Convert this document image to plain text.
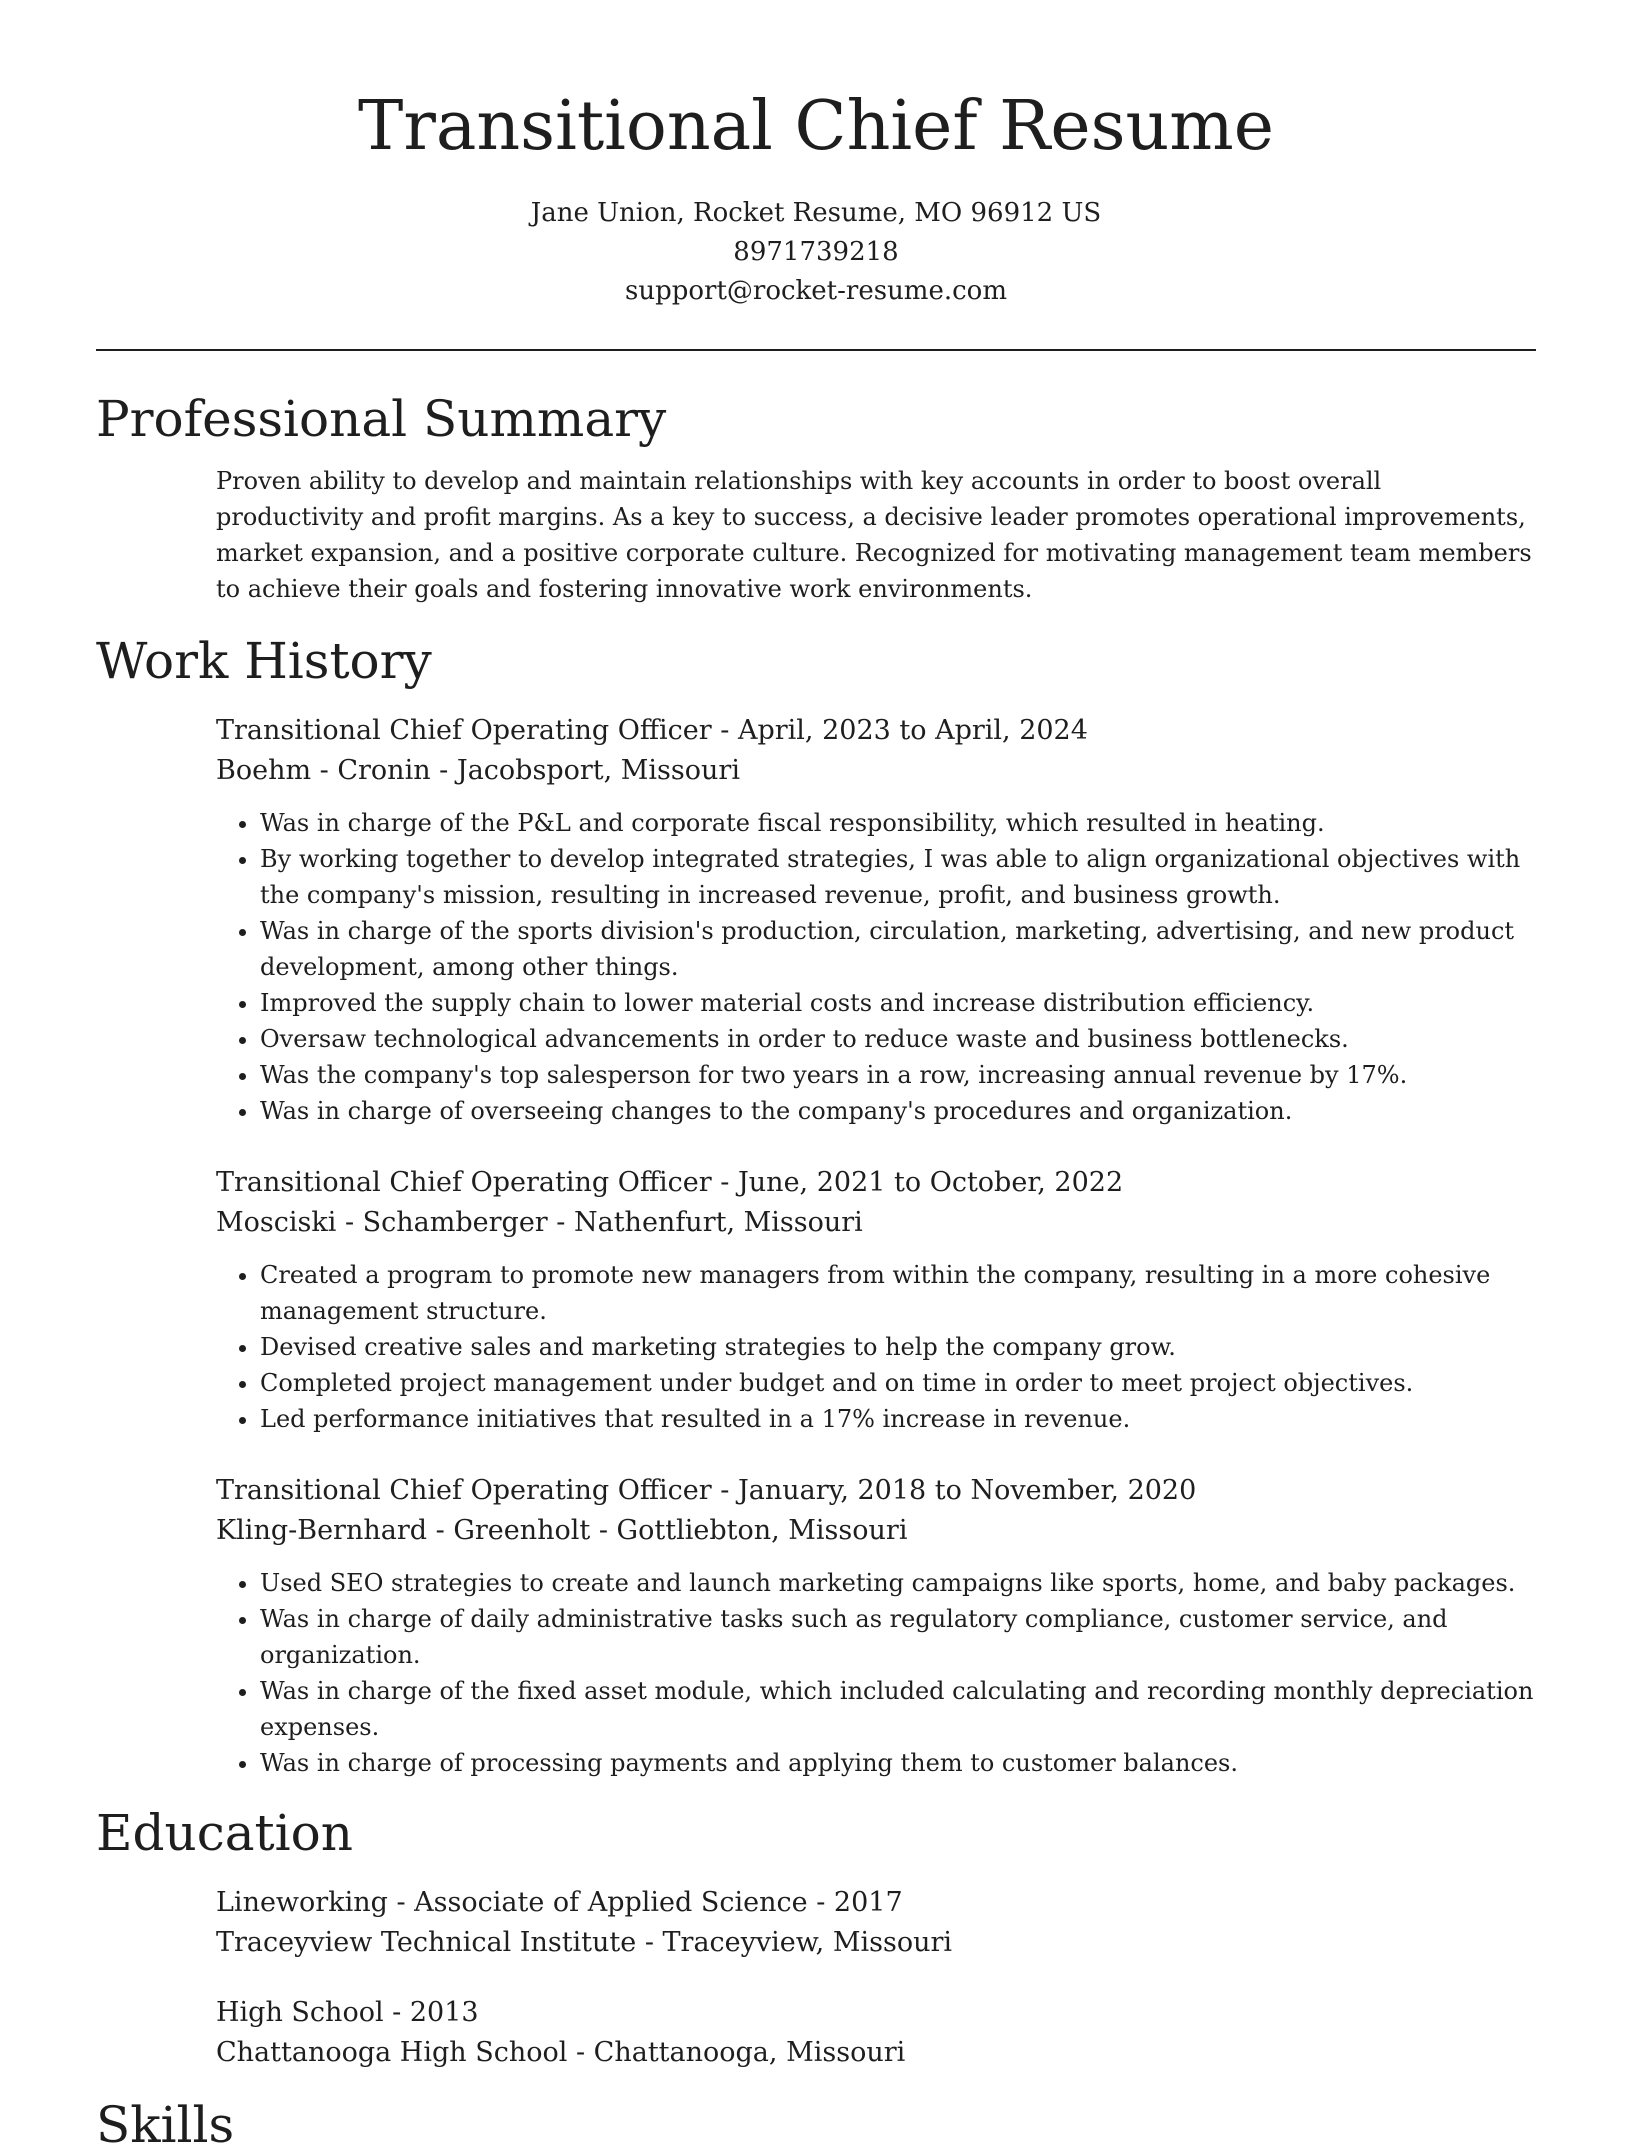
Transitional Chief Resume
Jane Union, Rocket Resume, MO 96912 US
8971739218
support@rocket-resume.com
Professional Summary

Proven ability to develop and maintain relationships with key accounts in order to boost overall productivity and profit margins. As a key to success, a decisive leader promotes operational improvements, market expansion, and a positive corporate culture. Recognized for motivating management team members to achieve their goals and fostering innovative work environments.

Work History
Transitional Chief Operating Officer - April, 2023 to April, 2024
Boehm - Cronin - Jacobsport, Missouri
• Was in charge of the P&L and corporate fiscal responsibility, which resulted in heating.
• By working together to develop integrated strategies, I was able to align organizational objectives with the company's mission, resulting in increased revenue, profit, and business growth.
• Was in charge of the sports division's production, circulation, marketing, advertising, and new product development, among other things.
• Improved the supply chain to lower material costs and increase distribution efficiency.
• Oversaw technological advancements in order to reduce waste and business bottlenecks.
• Was the company's top salesperson for two years in a row, increasing annual revenue by 17%.
• Was in charge of overseeing changes to the company's procedures and organization.
Transitional Chief Operating Officer - June, 2021 to October, 2022
Mosciski - Schamberger - Nathenfurt, Missouri
• Created a program to promote new managers from within the company, resulting in a more cohesive management structure.
• Devised creative sales and marketing strategies to help the company grow.
• Completed project management under budget and on time in order to meet project objectives.
• Led performance initiatives that resulted in a 17% increase in revenue.
Transitional Chief Operating Officer - January, 2018 to November, 2020
Kling-Bernhard - Greenholt - Gottliebton, Missouri
• Used SEO strategies to create and launch marketing campaigns like sports, home, and baby packages.
• Was in charge of daily administrative tasks such as regulatory compliance, customer service, and organization.
• Was in charge of the fixed asset module, which included calculating and recording monthly depreciation expenses.
• Was in charge of processing payments and applying them to customer balances.
Education
Lineworking - Associate of Applied Science - 2017
Traceyview Technical Institute - Traceyview, Missouri
High School - 2013
Chattanooga High School - Chattanooga, Missouri
Skills
